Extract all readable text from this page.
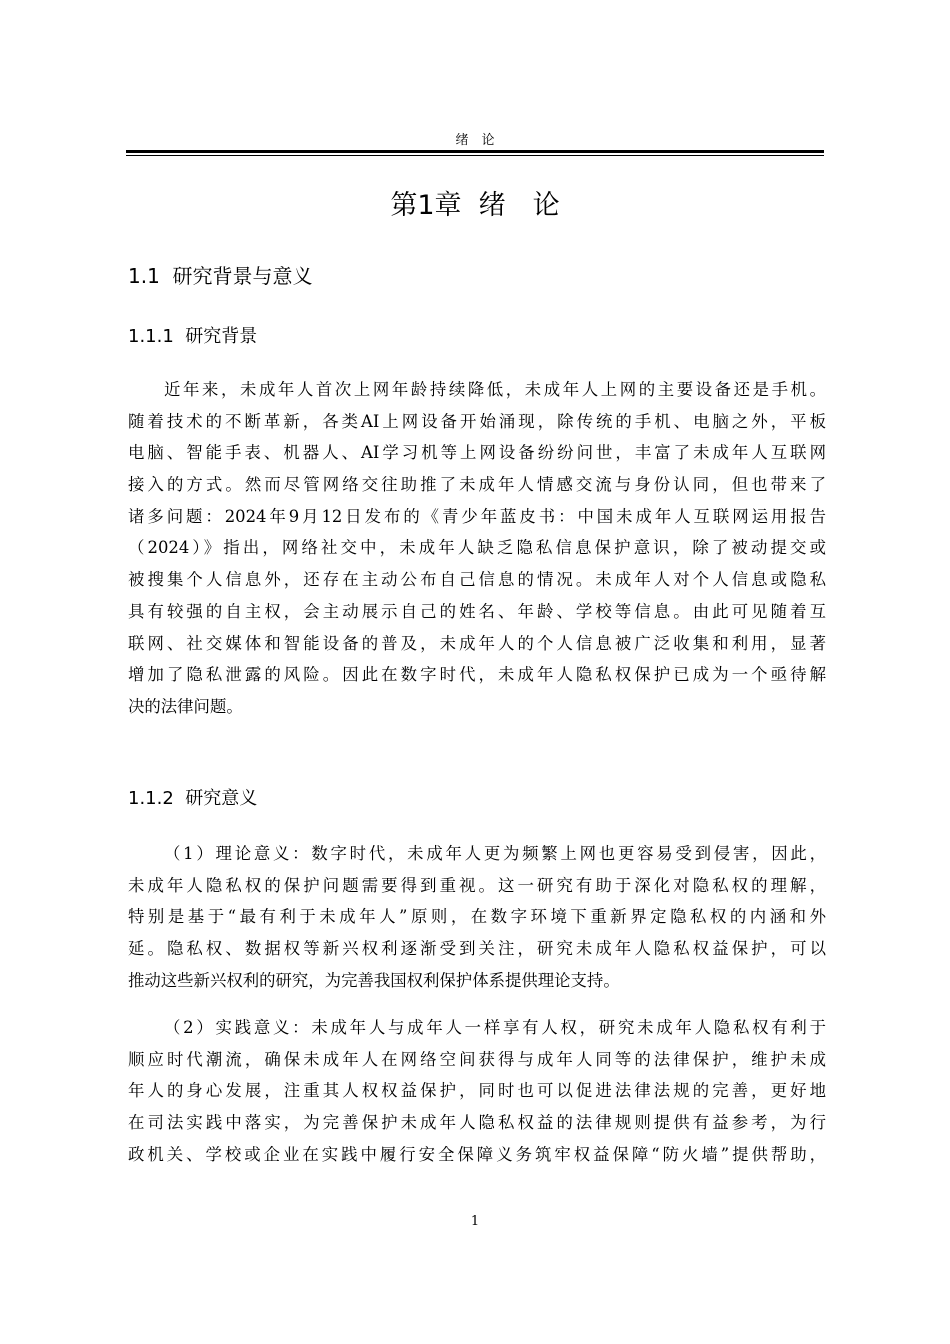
绪　论
第1章  绪　论
1.1  研究背景与意义
1.1.1  研究背景
近年来，未成年人首次上网年龄持续降低，未成年人上网的主要设备还是手机。
随着技术的不断革新，各类AI上网设备开始涌现，除传统的手机、电脑之外，平板
电脑、智能手表、机器人、AI学习机等上网设备纷纷问世，丰富了未成年人互联网
接入的方式。然而尽管网络交往助推了未成年人情感交流与身份认同，但也带来了
诸多问题：2024年9月12日发布的《青少年蓝皮书：中国未成年人互联网运用报告
（2024）》指出，网络社交中，未成年人缺乏隐私信息保护意识，除了被动提交或
被搜集个人信息外，还存在主动公布自己信息的情况。未成年人对个人信息或隐私
具有较强的自主权，会主动展示自己的姓名、年龄、学校等信息。由此可见随着互
联网、社交媒体和智能设备的普及，未成年人的个人信息被广泛收集和利用，显著
增加了隐私泄露的风险。因此在数字时代，未成年人隐私权保护已成为一个亟待解
决的法律问题。
1.1.2  研究意义
（1）理论意义：数字时代，未成年人更为频繁上网也更容易受到侵害，因此，
未成年人隐私权的保护问题需要得到重视。这一研究有助于深化对隐私权的理解，
特别是基于“最有利于未成年人”原则，在数字环境下重新界定隐私权的内涵和外
延。隐私权、数据权等新兴权利逐渐受到关注，研究未成年人隐私权益保护，可以
推动这些新兴权利的研究，为完善我国权利保护体系提供理论支持。
（2）实践意义：未成年人与成年人一样享有人权，研究未成年人隐私权有利于
顺应时代潮流，确保未成年人在网络空间获得与成年人同等的法律保护，维护未成
年人的身心发展，注重其人权权益保护，同时也可以促进法律法规的完善，更好地
在司法实践中落实，为完善保护未成年人隐私权益的法律规则提供有益参考，为行
政机关、学校或企业在实践中履行安全保障义务筑牢权益保障“防火墙”提供帮助，
1
